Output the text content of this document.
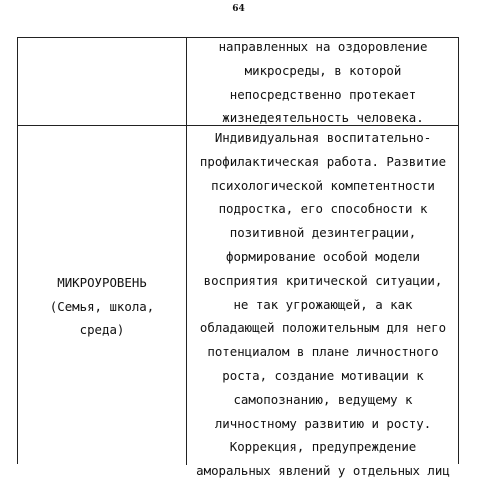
64
направленных на оздоровление
микросреды, в которой
непосредственно протекает
жизнедеятельность человека.
МИКРОУРОВЕНЬ
(Семья, школа,
среда)
Индивидуальная воспитательно-
профилактическая работа. Развитие
психологической компетентности
подростка, его способности к
позитивной дезинтеграции,
формирование особой модели
восприятия критической ситуации,
не так угрожающей, а как
обладающей положительным для него
потенциалом в плане личностного
роста, создание мотивации к
самопознанию, ведущему к
личностному развитию и росту.
Коррекция, предупреждение
аморальных явлений у отдельных лиц
